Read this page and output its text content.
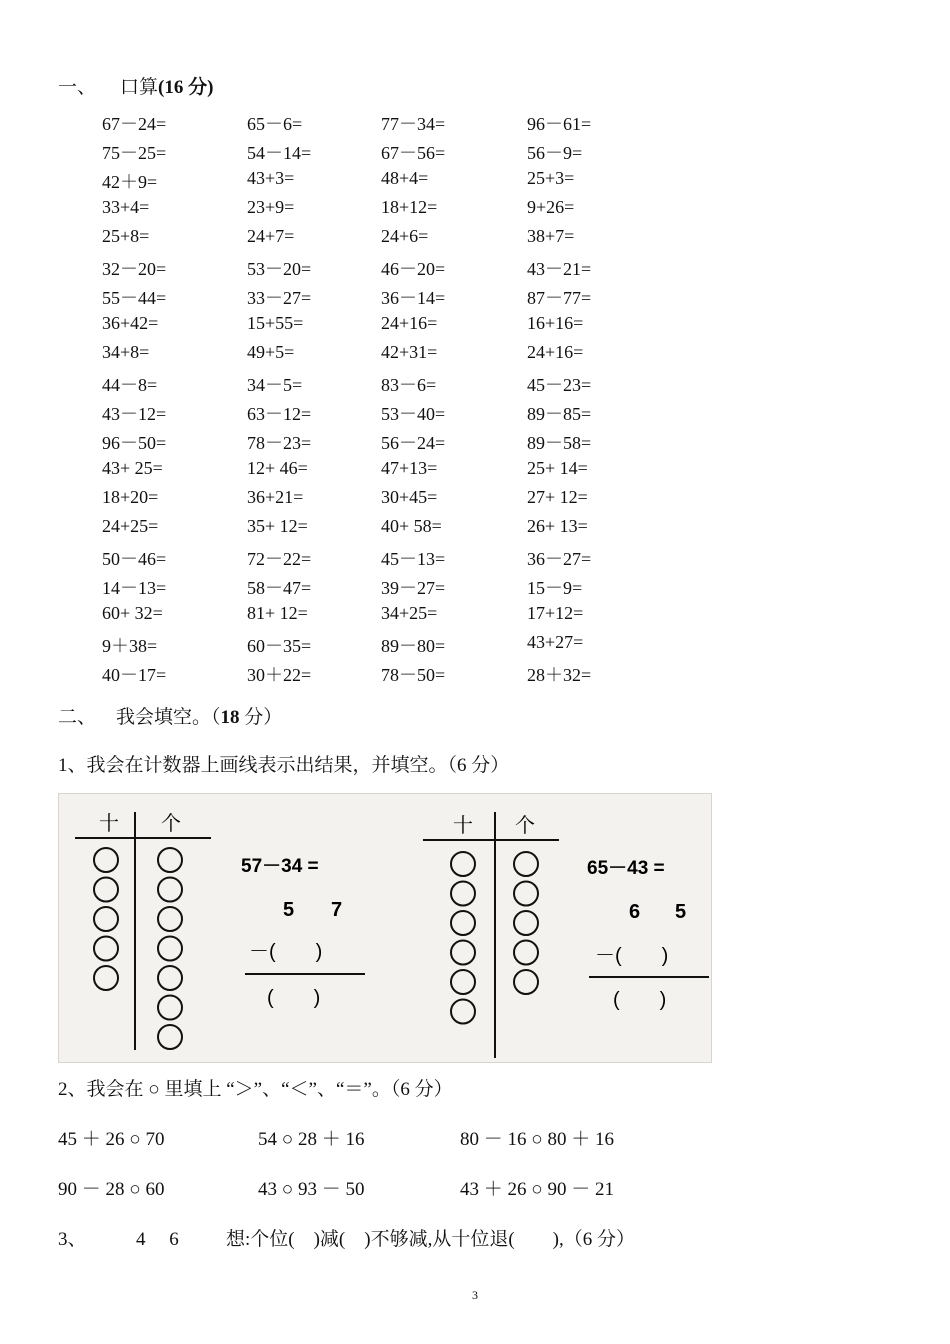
一、 口算(16 分)
67－24=	65－6=	77－34=	96－61=
75－25=	54－14=	67－56=	56－9=
42＋9=	43+3=	48+4=	25+3=
33+4=	23+9=	18+12=	9+26=
25+8=	24+7=	24+6=	38+7=
32－20=	53－20=	46－20=	43－21=
55－44=	33－27=	36－14=	87－77=
36+42=	15+55=	24+16=	16+16=
34+8=	49+5=	42+31=	24+16=
44－8=	34－5=	83－6=	45－23=
43－12=	63－12=	53－40=	89－85=
96－50=	78－23=	56－24=	89－58=
43+ 25=	12+ 46=	47+13=	25+ 14=
18+20=	36+21=	30+45=	27+ 12=
24+25=	35+ 12=	40+ 58=	26+ 13=
50－46=	72－22=	45－13=	36－27=
14－13=	58－47=	39－27=	15－9=
60+ 32=	81+ 12=	34+25=	17+12=
9＋38=	60－35=	89－80=	43+27=
40－17=	30＋22=	78－50=	28＋32=
二、 我会填空。（18 分）
1、我会在计数器上画线表示出结果，并填空。（6 分）
十 个
57－34 =
5 7
－(　　)
(　　)
十 个
65－43 =
6 5
－(　　)
(　　)
2、我会在 ○ 里填上 “＞”、“＜”、“＝”。（6 分）
45 ＋ 26 ○ 70	54 ○ 28 ＋ 16	80 － 16 ○ 80 ＋ 16
90 － 28 ○ 60	43 ○ 93 － 50	43 ＋ 26 ○ 90 － 21
3、	4　 6 想:个位(　)减(　)不够减,从十位退(　　),（6 分）
3
